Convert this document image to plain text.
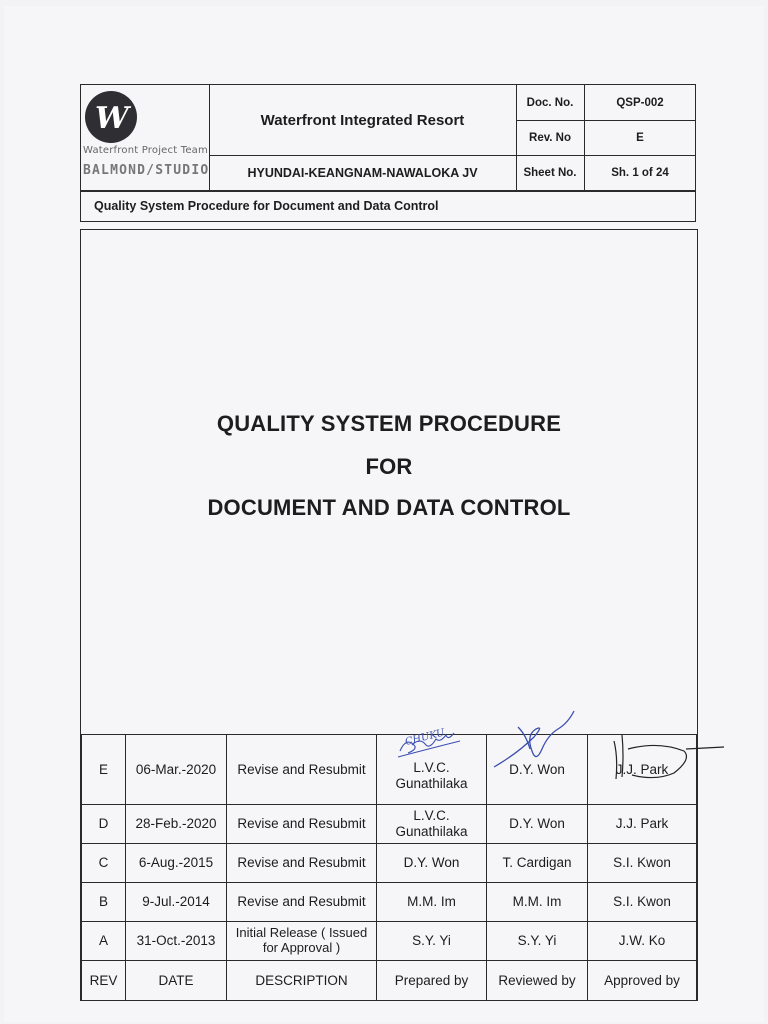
W
Waterfront Project Team
BALMOND/STUDIO
Waterfront Integrated Resort
HYUNDAI-KEANGNAM-NAWALOKA JV
Doc. No.	QSP-002
Rev. No	E
Sheet No.	Sh. 1 of 24
Quality System Procedure for Document and Data Control
QUALITY SYSTEM PROCEDURE
FOR
DOCUMENT AND DATA CONTROL
E	06-Mar.-2020	Revise and Resubmit	L.V.C. Gunathilaka	D.Y. Won	J.J. Park
D	28-Feb.-2020	Revise and Resubmit	L.V.C. Gunathilaka	D.Y. Won	J.J. Park
C	6-Aug.-2015	Revise and Resubmit	D.Y. Won	T. Cardigan	S.I. Kwon
B	9-Jul.-2014	Revise and Resubmit	M.M. Im	M.M. Im	S.I. Kwon
A	31-Oct.-2013	Initial Release ( Issued for Approval )	S.Y. Yi	S.Y. Yi	J.W. Ko
REV	DATE	DESCRIPTION	Prepared by	Reviewed by	Approved by
CHUKU.
